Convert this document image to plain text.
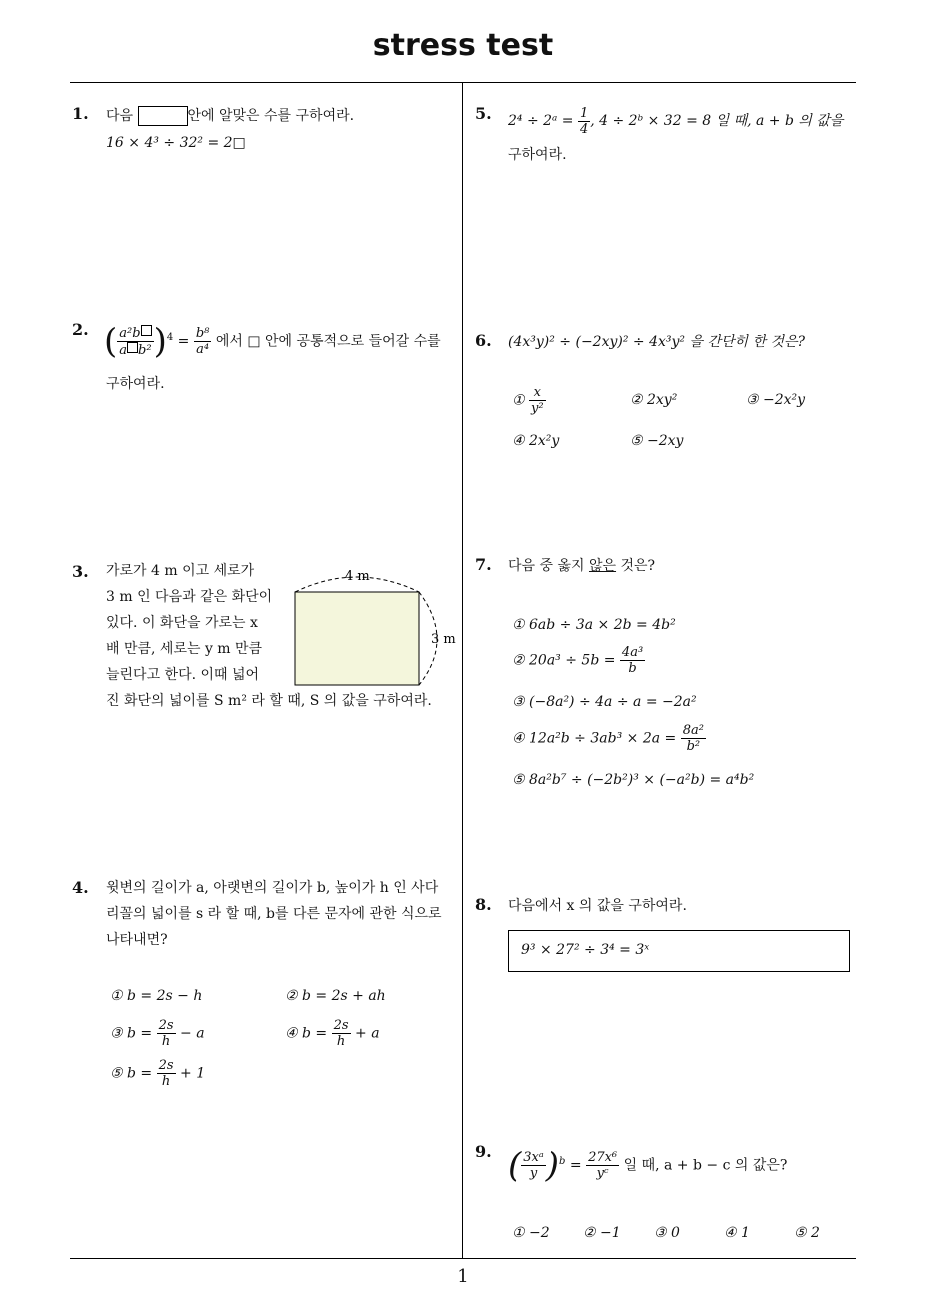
stress test
1
1. 다음	안에 알맞은 수를 구하여라.
16 × 4³ ÷ 32² = 2□
2. ( $\frac{\text{a²b}}{\text{a b²}} )^4 = \frac{\text{b⁸}}{\text{a⁴}}$ 에서 □ 안에 공통적으로 들어갈 수를
구하여라.
3. 가로가 4 m 이고 세로가
3 m 인 다음과 같은 화단이
있다. 이 화단을 가로는 x
배 만큼, 세로는 y m 만큼
늘린다고 한다. 이때 넓어
진 화단의 넓이를 S m² 라 할 때, S 의 값을 구하여라.
4 m
3 m
4. 윗변의 길이가 a, 아랫변의 길이가 b, 높이가 h 인 사다
리꼴의 넓이를 s 라 할 때, b를 다른 문자에 관한 식으로
나타내면?
① b = 2s − h	② b = 2s + ah
③ $b = \frac{2s}{h} - a$	④ $b = \frac{2s}{h} + a$
⑤ $b = \frac{2s}{h} + 1$
5. 2⁴ ÷ 2ᵃ = $\frac{1}{4}$ , 4 ÷ 2ᵇ × 32 = 8 일 때, a + b 의 값을
구하여라.
6. (4x³y)² ÷ (−2xy)² ÷ 4x³y² 을 간단히 한 것은?
① $\frac{x}{\text{y²}}$	② 2xy²	③ −2x²y
④ 2x²y	⑤ −2xy
7. 다음 중 옳지 않은 것은?
① 6ab ÷ 3a × 2b = 4b²
② $20a^3 \div 5b = \frac{\text{4a³}}{b}$
③ (−8a²) ÷ 4a ÷ a = −2a²
④ $12a^2b \div 3ab^3 \times 2a = \frac{\text{8a²}}{\text{b²}}$
⑤ 8a²b⁷ ÷ (−2b²)³ × (−a²b) = a⁴b²
8. 다음에서 x 의 값을 구하여라.
9³ × 27² ÷ 3⁴ = 3ˣ
9. ( $\frac{\text{3xᵃ}}{y} )^b = \frac{\text{27x⁶}}{\text{yᶜ}}$ 일 때, a + b − c 의 값은?
① −2 ② −1 ③ 0	④ 1	⑤ 2
